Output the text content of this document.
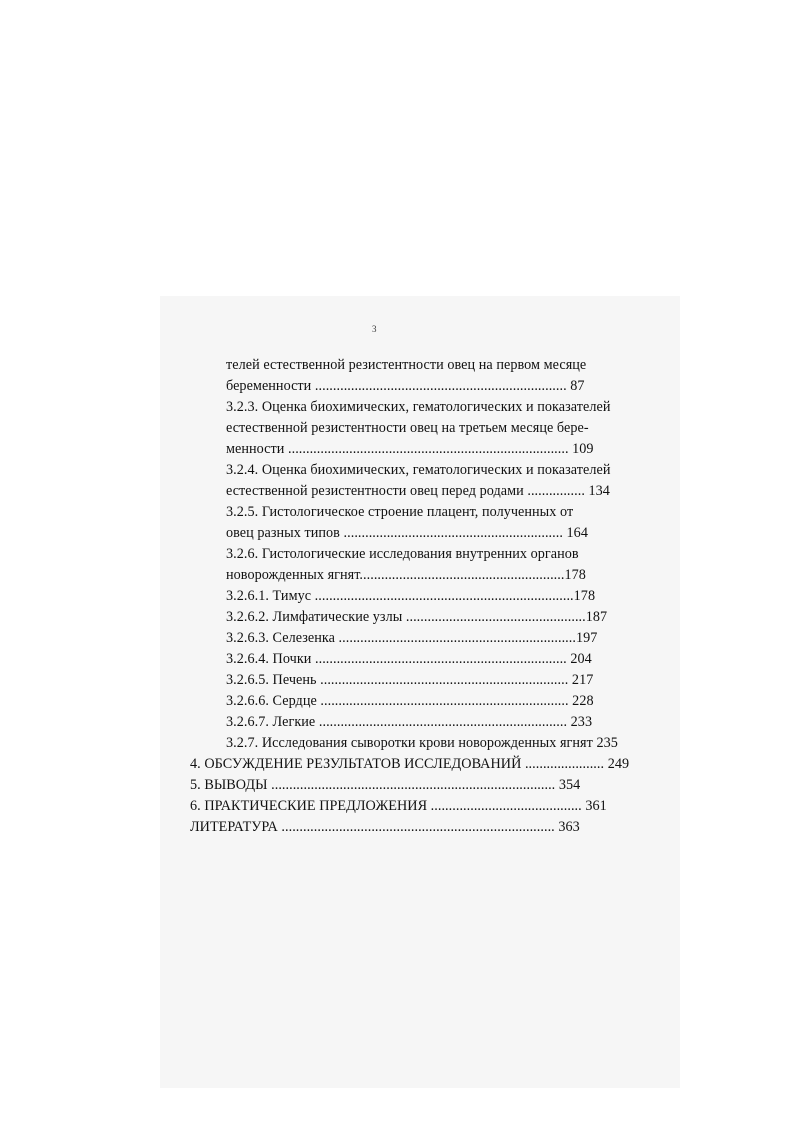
3
телей естественной резистентности овец на первом месяце
беременности ...................................................................... 87
3.2.3. Оценка биохимических, гематологических и показателей
естественной резистентности овец на третьем месяце бере-
менности .............................................................................. 109
3.2.4. Оценка биохимических, гематологических и показателей
естественной резистентности овец перед родами ................ 134
3.2.5. Гистологическое строение плацент, полученных от
овец разных типов ............................................................. 164
3.2.6. Гистологические исследования внутренних органов
новорожденных ягнят.........................................................178
3.2.6.1. Тимус ........................................................................178
3.2.6.2. Лимфатические узлы ..................................................187
3.2.6.3. Селезенка ..................................................................197
3.2.6.4. Почки ...................................................................... 204
3.2.6.5. Печень ..................................................................... 217
3.2.6.6. Сердце ..................................................................... 228
3.2.6.7. Легкие ..................................................................... 233
3.2.7. Исследования сыворотки крови новорожденных ягнят 235
4. ОБСУЖДЕНИЕ РЕЗУЛЬТАТОВ ИССЛЕДОВАНИЙ ...................... 249
5. ВЫВОДЫ ............................................................................... 354
6. ПРАКТИЧЕСКИЕ ПРЕДЛОЖЕНИЯ .......................................... 361
ЛИТЕРАТУРА ............................................................................ 363
